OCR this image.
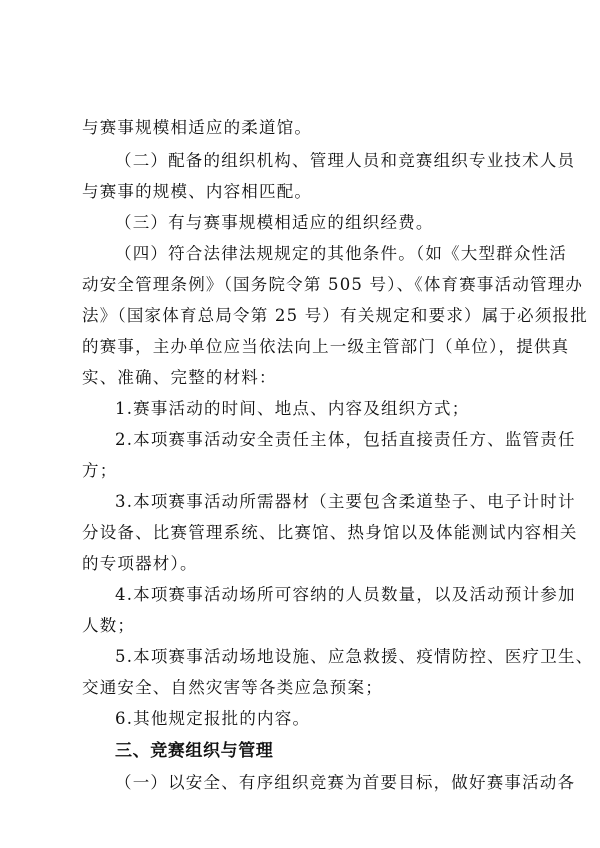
与赛事规模相适应的柔道馆。
（二）配备的组织机构、管理人员和竞赛组织专业技术人员
与赛事的规模、内容相匹配。
（三）有与赛事规模相适应的组织经费。
（四）符合法律法规规定的其他条件。（如《大型群众性活
动安全管理条例》（国务院令第 505 号）、《体育赛事活动管理办
法》（国家体育总局令第 25 号）有关规定和要求）属于必须报批
的赛事，主办单位应当依法向上一级主管部门（单位），提供真
实、准确、完整的材料：
1.赛事活动的时间、地点、内容及组织方式；
2.本项赛事活动安全责任主体，包括直接责任方、监管责任
方；
3.本项赛事活动所需器材（主要包含柔道垫子、电子计时计
分设备、比赛管理系统、比赛馆、热身馆以及体能测试内容相关
的专项器材）。
4.本项赛事活动场所可容纳的人员数量，以及活动预计参加
人数；
5.本项赛事活动场地设施、应急救援、疫情防控、医疗卫生、
交通安全、自然灾害等各类应急预案；
6.其他规定报批的内容。
三、竞赛组织与管理
（一）以安全、有序组织竞赛为首要目标，做好赛事活动各
